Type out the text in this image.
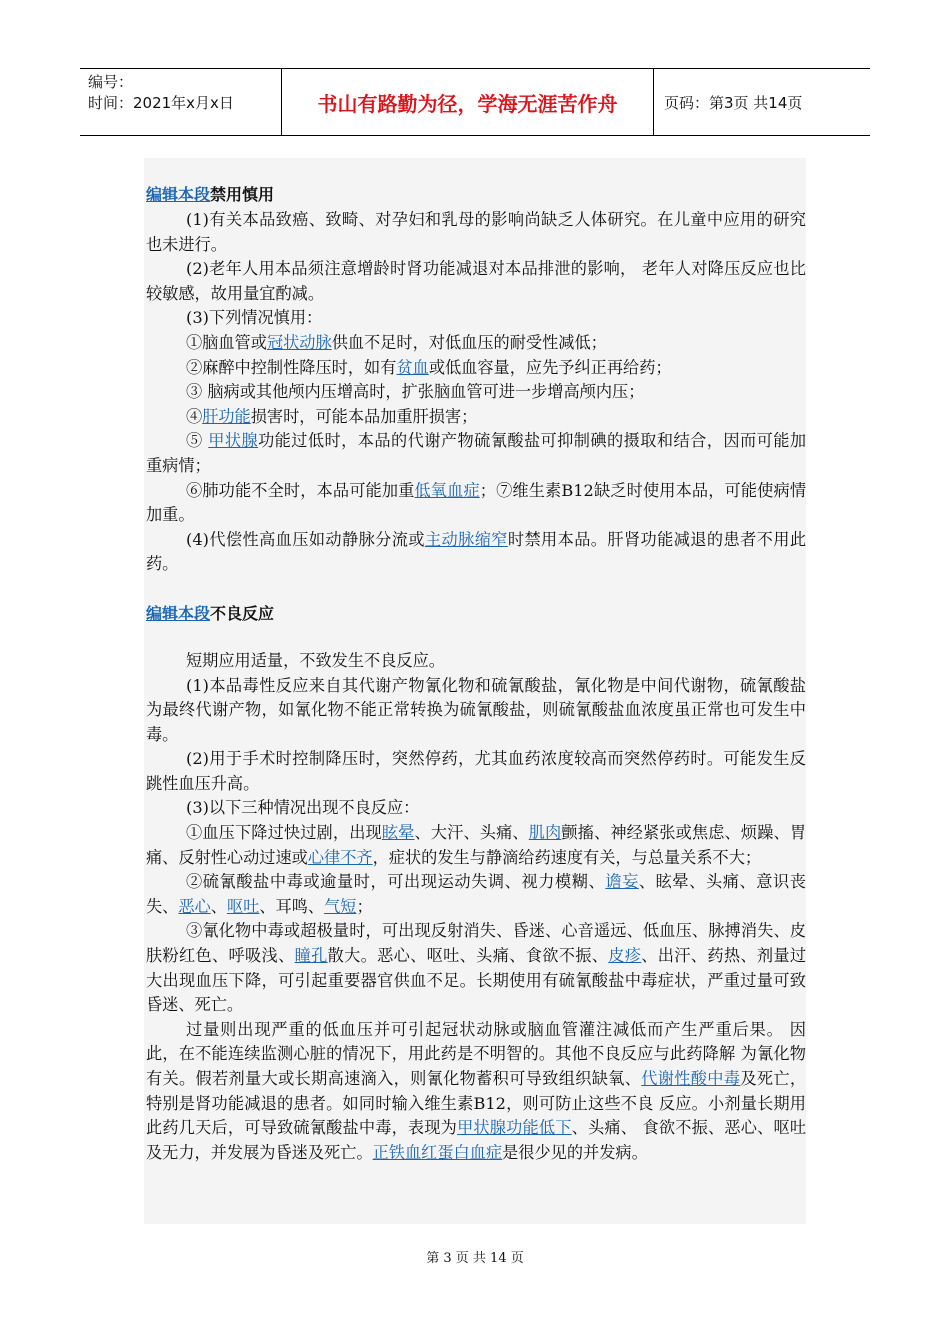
编号：
时间：2021年x月x日	书山有路勤为径，学海无涯苦作舟	页码：第3页 共14页
编辑本段禁用慎用

(1)有关本品致癌、致畸、对孕妇和乳母的影响尚缺乏人体研究。在儿童中应用的研究也未进行。

(2)老年人用本品须注意增龄时肾功能减退对本品排泄的影响， 老年人对降压反应也比 较敏感，故用量宜酌减。

(3)下列情况慎用：

①脑血管或冠状动脉供血不足时，对低血压的耐受性减低；

②麻醉中控制性降压时，如有贫血或低血容量，应先予纠正再给药；

③ 脑病或其他颅内压增高时，扩张脑血管可进一步增高颅内压；

④肝功能损害时，可能本品加重肝损害；

⑤ 甲状腺功能过低时，本品的代谢产物硫氰酸盐可抑制碘的摄取和结合，因而可能加重病情；

⑥肺功能不全时，本品可能加重低氧血症；⑦维生素B12缺乏时使用本品，可能使病情加重。

(4)代偿性高血压如动静脉分流或主动脉缩窄时禁用本品。肝肾功能减退的患者不用此药。

编辑本段不良反应

短期应用适量，不致发生不良反应。

(1)本品毒性反应来自其代谢产物氰化物和硫氰酸盐，氰化物是中间代谢物，硫氰酸盐为最终代谢产物，如氰化物不能正常转换为硫氰酸盐，则硫氰酸盐血浓度虽正常也可发生中毒。

(2)用于手术时控制降压时，突然停药，尤其血药浓度较高而突然停药时。可能发生反跳性血压升高。

(3)以下三种情况出现不良反应：

①血压下降过快过剧，出现眩晕、大汗、头痛、肌肉颤搐、神经紧张或焦虑、烦躁、胃痛、反射性心动过速或心律不齐，症状的发生与静滴给药速度有关，与总量关系不大；

②硫氰酸盐中毒或逾量时，可出现运动失调、视力模糊、谵妄、眩晕、头痛、意识丧失、恶心、呕吐、耳鸣、气短；

③氰化物中毒或超极量时，可出现反射消失、昏迷、心音遥远、低血压、脉搏消失、皮肤粉红色、呼吸浅、瞳孔散大。恶心、呕吐、头痛、食欲不振、皮疹、出汗、药热、剂量过大出现血压下降，可引起重要器官供血不足。长期使用有硫氰酸盐中毒症状，严重过量可致昏迷、死亡。

过量则出现严重的低血压并可引起冠状动脉或脑血管灌注减低而产生严重后果。 因此，在不能连续监测心脏的情况下，用此药是不明智的。其他不良反应与此药降解 为氰化物有关。假若剂量大或长期高速滴入，则氰化物蓄积可导致组织缺氧、代谢性酸中毒及死亡，特别是肾功能减退的患者。如同时输入维生素B12，则可防止这些不良 反应。小剂量长期用此药几天后，可导致硫氰酸盐中毒，表现为甲状腺功能低下、头痛、 食欲不振、恶心、呕吐及无力，并发展为昏迷及死亡。正铁血红蛋白血症是很少见的并发病。

第 3 页 共 14 页
